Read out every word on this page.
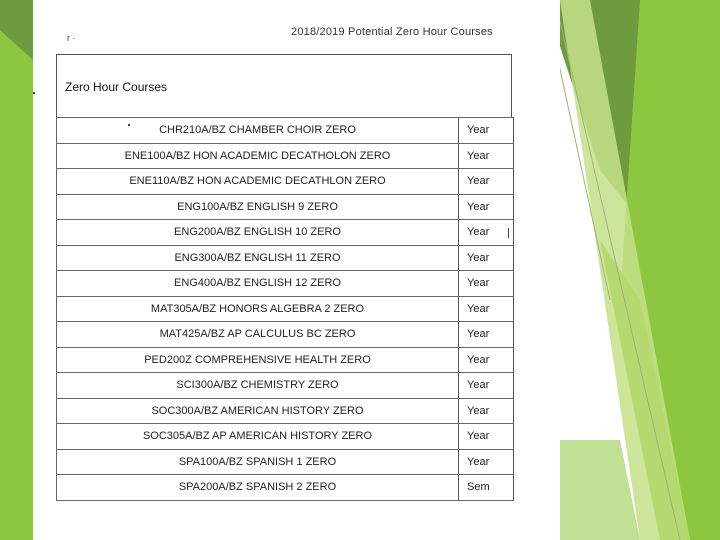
2018/2019 Potential Zero Hour Courses
r ·
Zero Hour Courses
CHR210A/BZ CHAMBER CHOIR ZERO	Year
ENE100A/BZ HON ACADEMIC DECATHOLON ZERO	Year
ENE110A/BZ HON ACADEMIC DECATHLON ZERO	Year
ENG100A/BZ ENGLISH 9 ZERO	Year
ENG200A/BZ ENGLISH 10 ZERO	Year
ENG300A/BZ ENGLISH 11 ZERO	Year
ENG400A/BZ ENGLISH 12 ZERO	Year
MAT305A/BZ HONORS ALGEBRA 2 ZERO	Year
MAT425A/BZ AP CALCULUS BC ZERO	Year
PED200Z COMPREHENSIVE HEALTH ZERO	Year
SCI300A/BZ CHEMISTRY ZERO	Year
SOC300A/BZ AMERICAN HISTORY ZERO	Year
SOC305A/BZ AP AMERICAN HISTORY ZERO	Year
SPA100A/BZ SPANISH 1 ZERO	Year
SPA200A/BZ SPANISH 2 ZERO	Sem
